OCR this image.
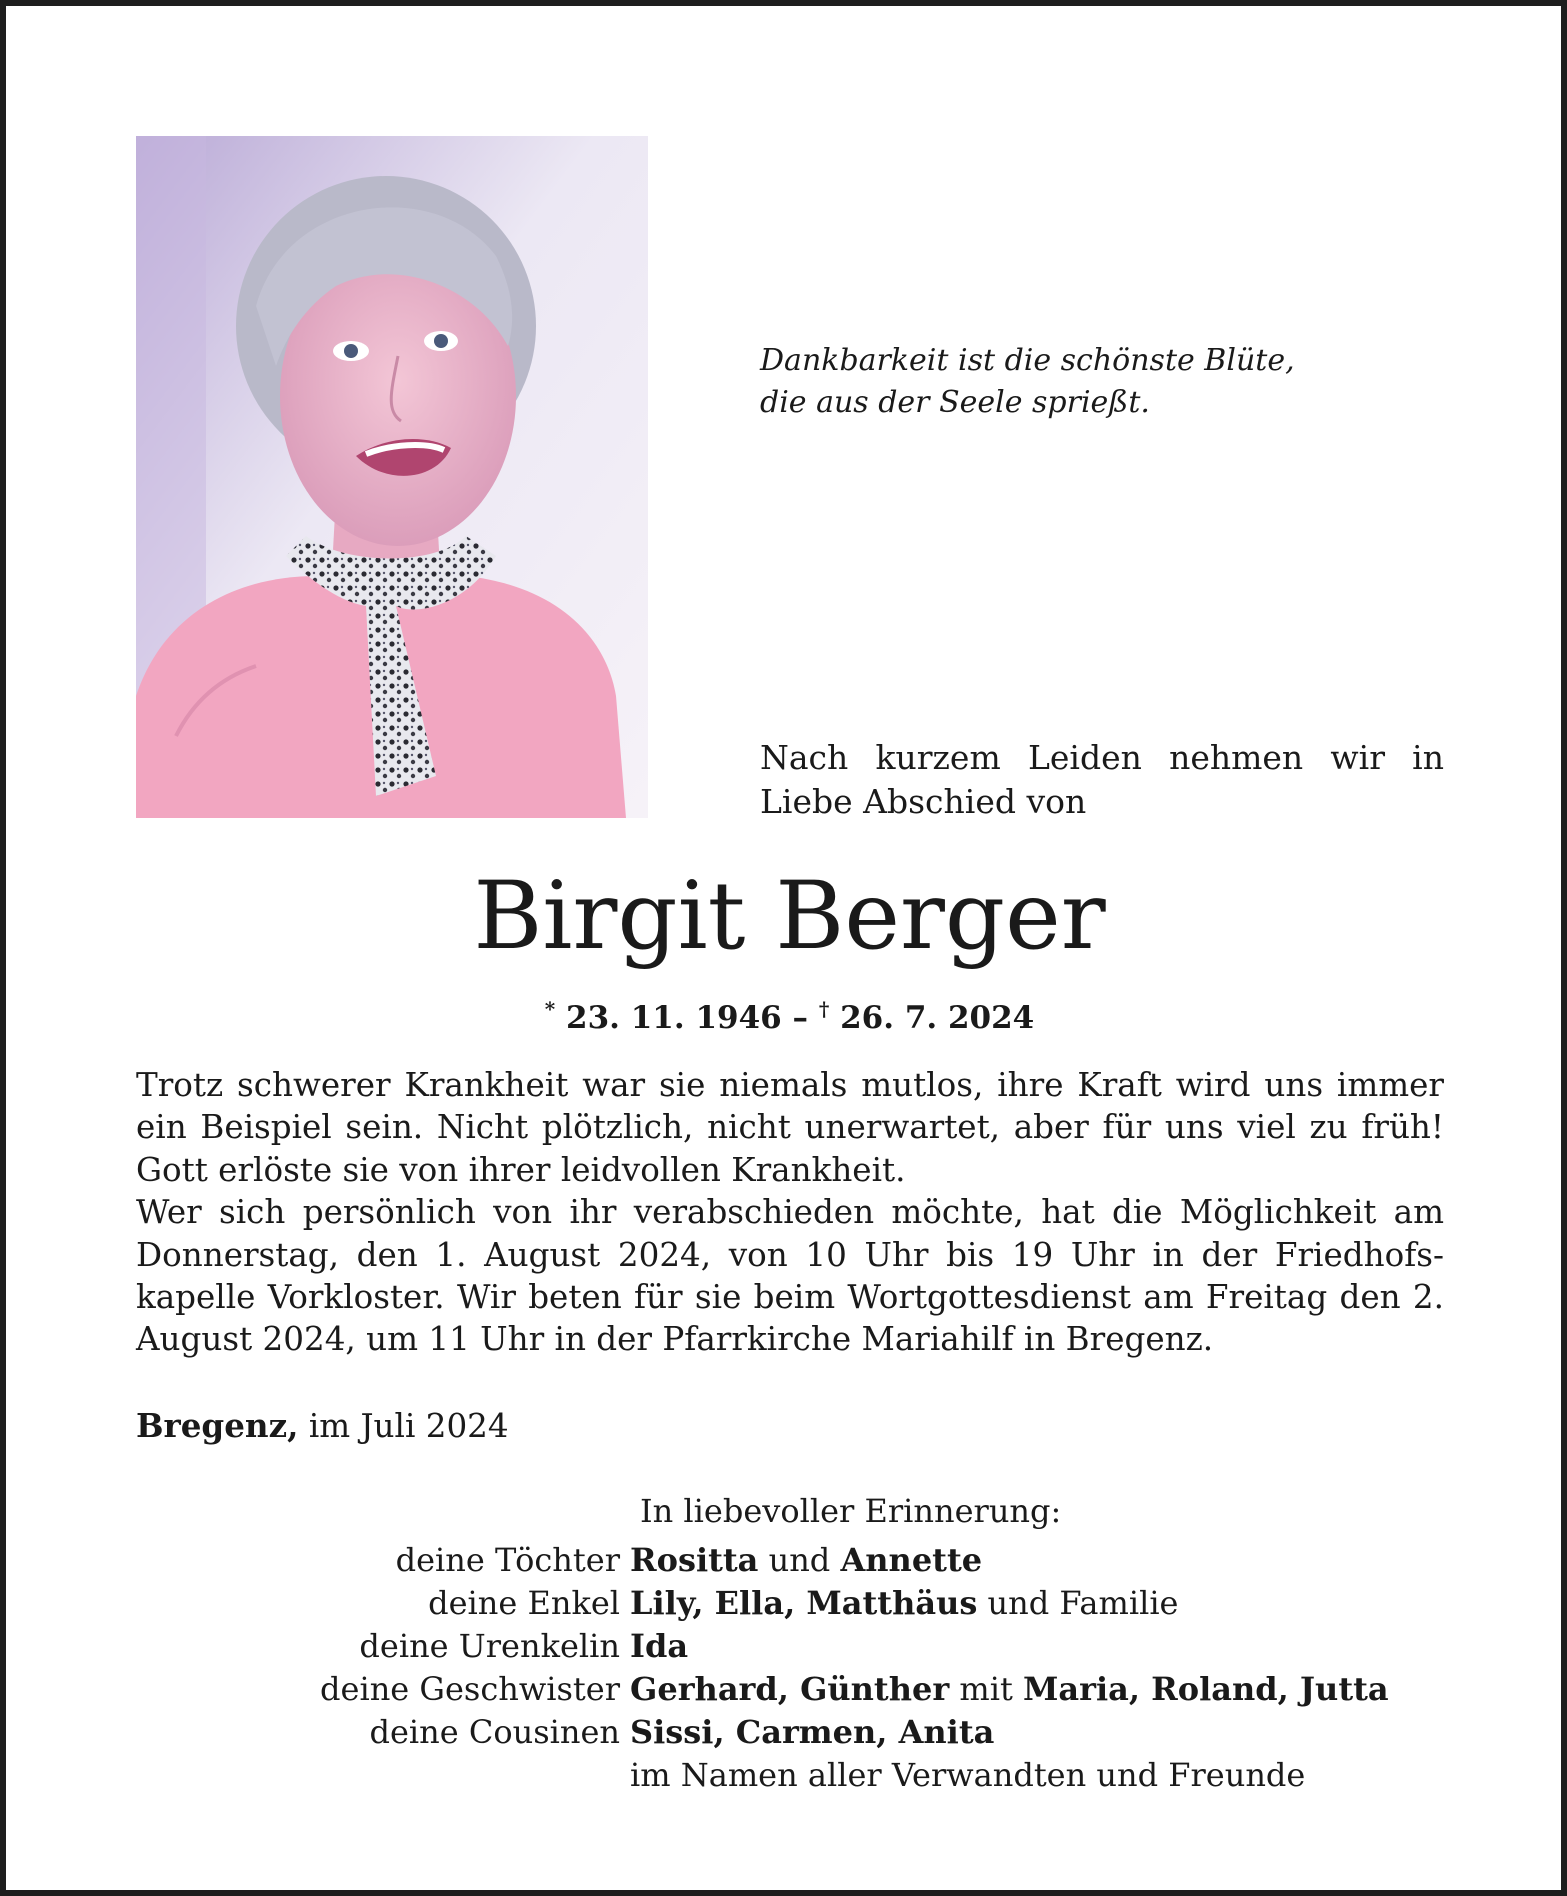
Dankbarkeit ist die schönste Blüte,
die aus der Seele sprießt.
Nach kurzem Leiden nehmen wir in Liebe Abschied von
Birgit Berger
* 23. 11. 1946 – † 26. 7. 2024

Trotz schwerer Krankheit war sie niemals mutlos, ihre Kraft wird uns immer ein Beispiel sein. Nicht plötzlich, nicht unerwartet, aber für uns viel zu früh! Gott erlöste sie von ihrer leidvollen Krankheit.

Wer sich persönlich von ihr verabschieden möchte, hat die Möglichkeit am Donnerstag, den 1. August 2024, von 10 Uhr bis 19 Uhr in der Friedhofskapelle Vorkloster. Wir beten für sie beim Wortgottesdienst am Freitag den 2. August 2024, um 11 Uhr in der Pfarrkirche Mariahilf in Bregenz.

Bregenz, im Juli 2024
In liebevoller Erinnerung:
deine Töchter Rositta und Annette
deine Enkel Lily, Ella, Matthäus und Familie
deine Urenkelin Ida
deine Geschwister Gerhard, Günther mit Maria, Roland, Jutta
deine Cousinen Sissi, Carmen, Anita
im Namen aller Verwandten und Freunde
